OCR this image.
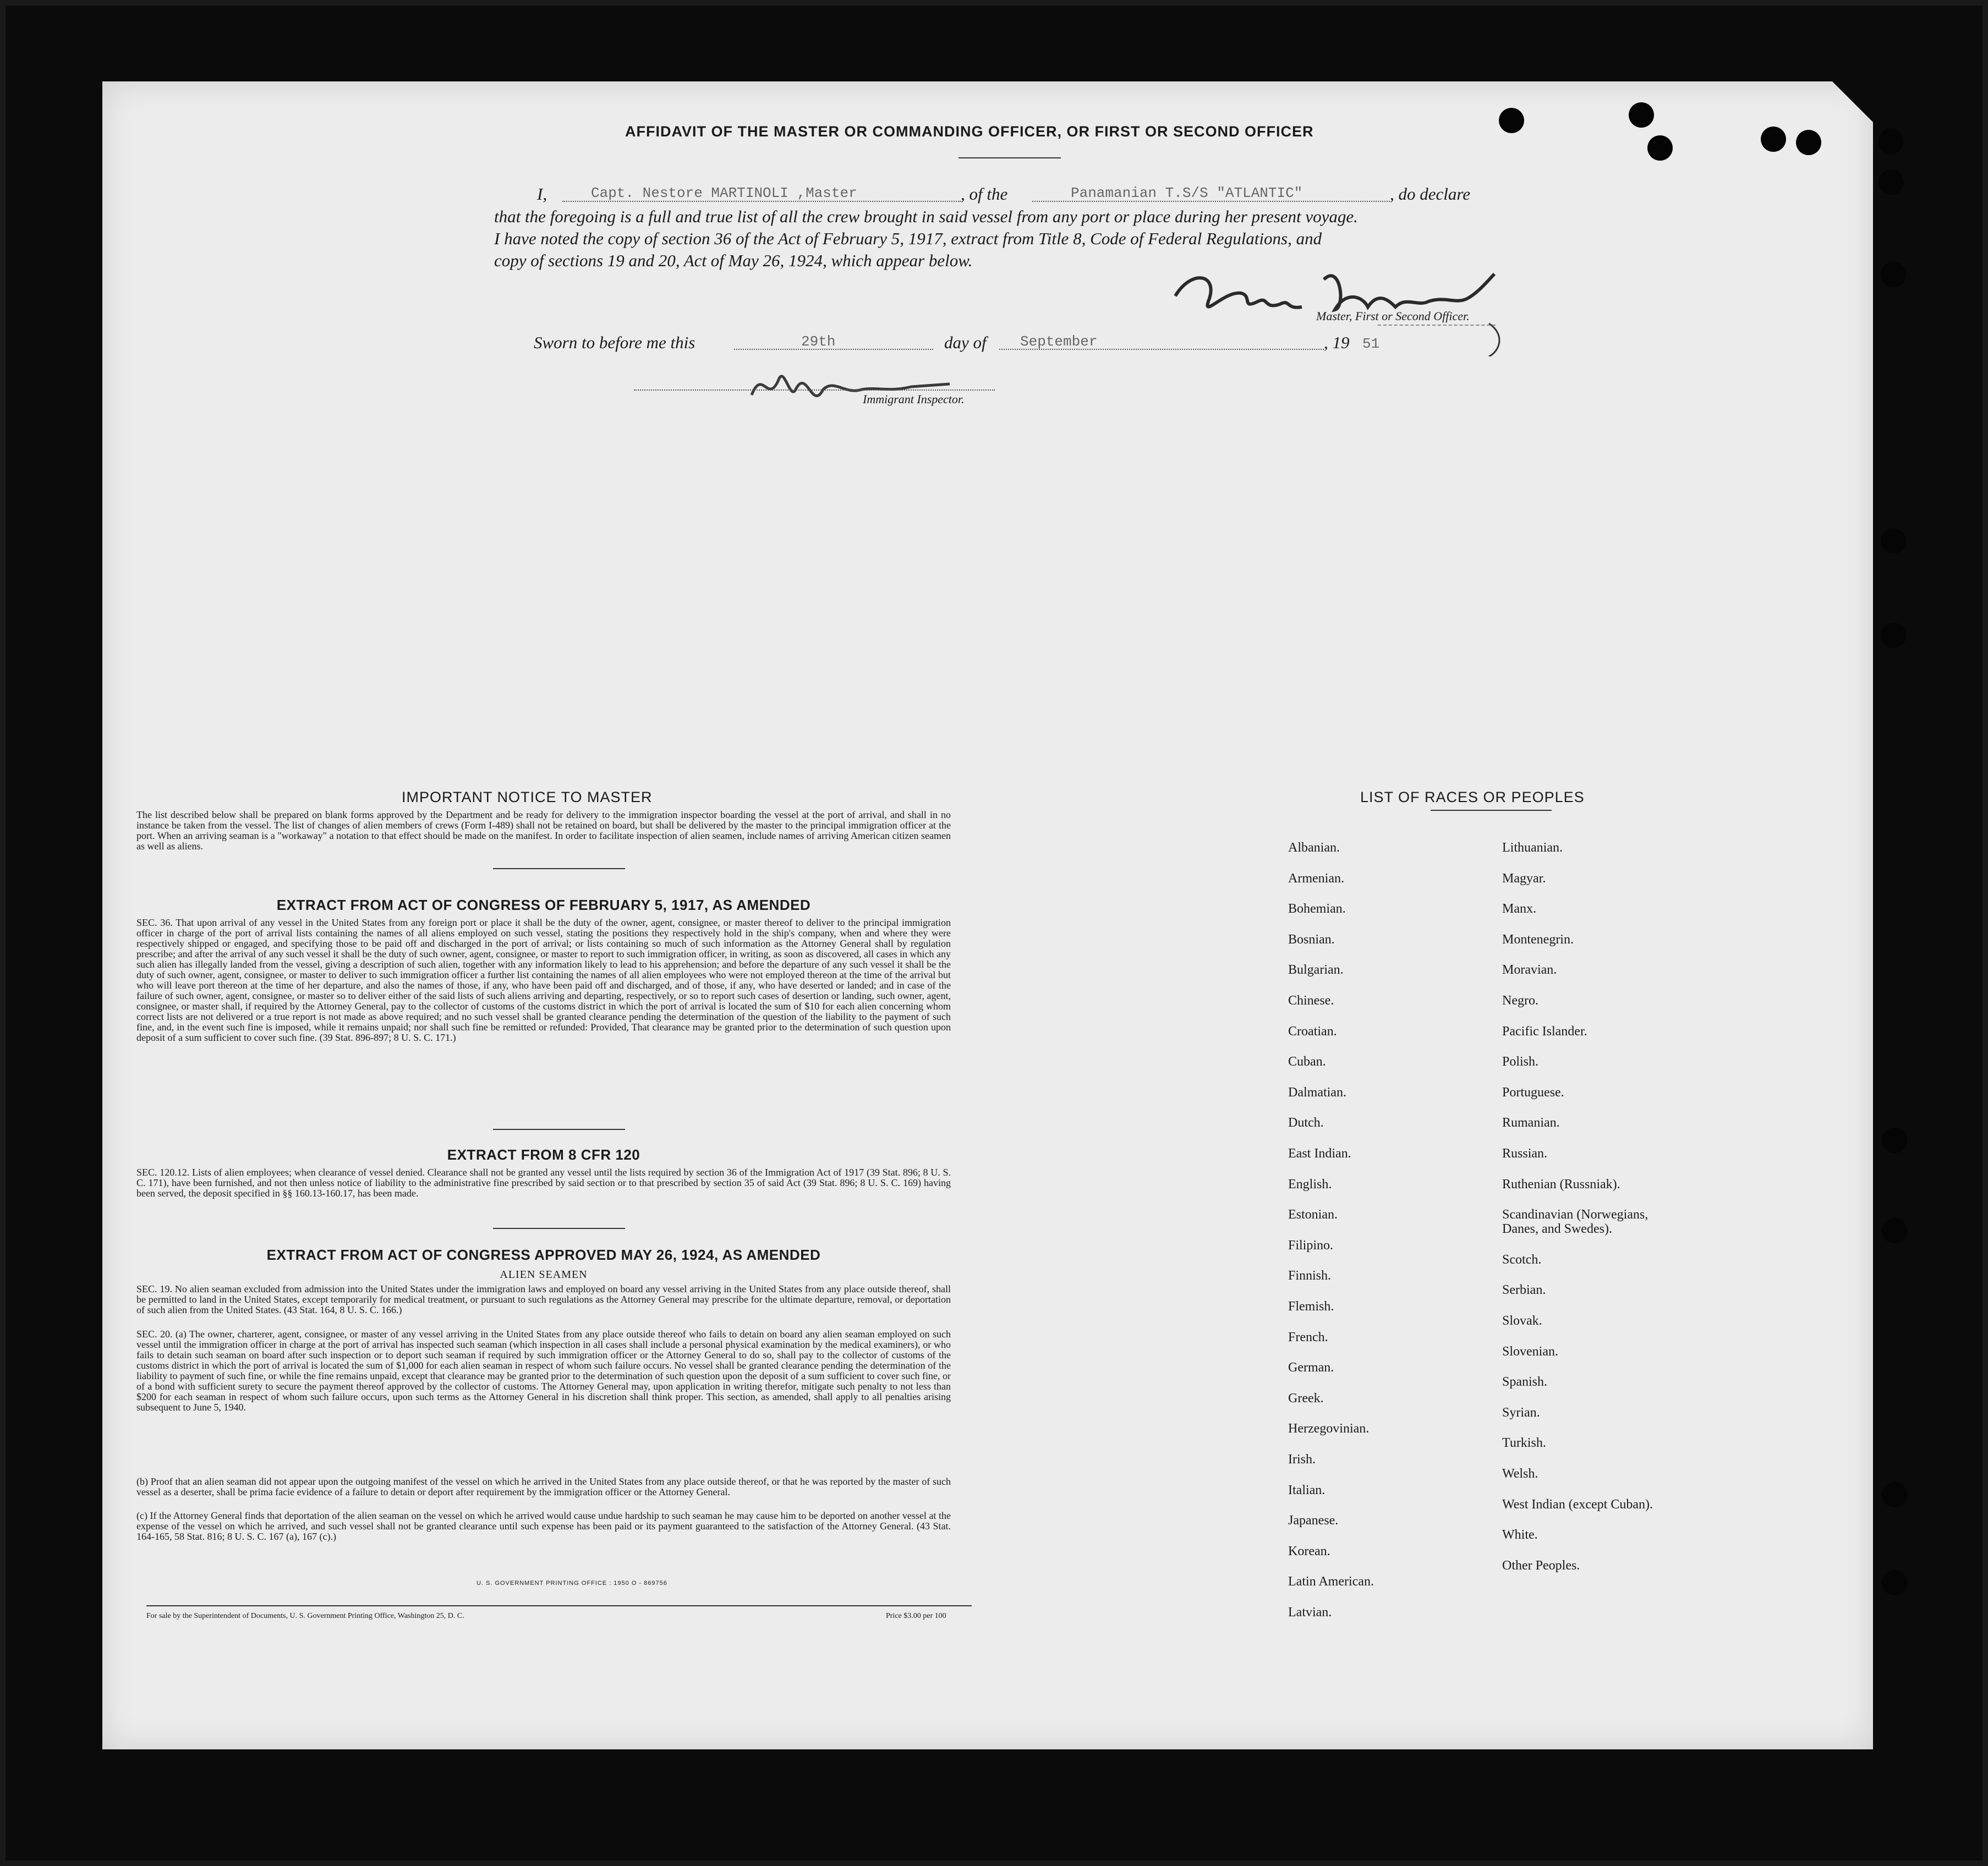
AFFIDAVIT OF THE MASTER OR COMMANDING OFFICER, OR FIRST OR SECOND OFFICER
I,	Capt. Nestore MARTINOLI ,Master	, of the	Panamanian T.S/S "ATLANTIC"	, do declare
that the foregoing is a full and true list of all the crew brought in said vessel from any port or place during her present voyage.
I have noted the copy of section 36 of the Act of February 5, 1917, extract from Title 8, Code of Federal Regulations, and
copy of sections 19 and 20, Act of May 26, 1924, which appear below.
Master, First or Second Officer.
Sworn to before me this	29th	day of September	, 19 51
Immigrant Inspector.
IMPORTANT NOTICE TO MASTER
The list described below shall be prepared on blank forms approved by the Department and be ready for delivery to the immigration inspector boarding the vessel at the port of arrival, and shall in no instance be taken from the vessel. The list of changes of alien members of crews (Form I-489) shall not be retained on board, but shall be delivered by the master to the principal immigration officer at the port. When an arriving seaman is a "workaway" a notation to that effect should be made on the manifest. In order to facilitate inspection of alien seamen, include names of arriving American citizen seamen as well as aliens.
EXTRACT FROM ACT OF CONGRESS OF FEBRUARY 5, 1917, AS AMENDED
SEC. 36. That upon arrival of any vessel in the United States from any foreign port or place it shall be the duty of the owner, agent, consignee, or master thereof to deliver to the principal immigration officer in charge of the port of arrival lists containing the names of all aliens employed on such vessel, stating the positions they respectively hold in the ship's company, when and where they were respectively shipped or engaged, and specifying those to be paid off and discharged in the port of arrival; or lists containing so much of such information as the Attorney General shall by regulation prescribe; and after the arrival of any such vessel it shall be the duty of such owner, agent, consignee, or master to report to such immigration officer, in writing, as soon as discovered, all cases in which any such alien has illegally landed from the vessel, giving a description of such alien, together with any information likely to lead to his apprehension; and before the departure of any such vessel it shall be the duty of such owner, agent, consignee, or master to deliver to such immigration officer a further list containing the names of all alien employees who were not employed thereon at the time of the arrival but who will leave port thereon at the time of her departure, and also the names of those, if any, who have been paid off and discharged, and of those, if any, who have deserted or landed; and in case of the failure of such owner, agent, consignee, or master so to deliver either of the said lists of such aliens arriving and departing, respectively, or so to report such cases of desertion or landing, such owner, agent, consignee, or master shall, if required by the Attorney General, pay to the collector of customs of the customs district in which the port of arrival is located the sum of $10 for each alien concerning whom correct lists are not delivered or a true report is not made as above required; and no such vessel shall be granted clearance pending the determination of the question of the liability to the payment of such fine, and, in the event such fine is imposed, while it remains unpaid; nor shall such fine be remitted or refunded: Provided, That clearance may be granted prior to the determination of such question upon deposit of a sum sufficient to cover such fine. (39 Stat. 896-897; 8 U. S. C. 171.)
EXTRACT FROM 8 CFR 120
SEC. 120.12. Lists of alien employees; when clearance of vessel denied. Clearance shall not be granted any vessel until the lists required by section 36 of the Immigration Act of 1917 (39 Stat. 896; 8 U. S. C. 171), have been furnished, and not then unless notice of liability to the administrative fine prescribed by said section or to that prescribed by section 35 of said Act (39 Stat. 896; 8 U. S. C. 169) having been served, the deposit specified in §§ 160.13-160.17, has been made.
EXTRACT FROM ACT OF CONGRESS APPROVED MAY 26, 1924, AS AMENDED
ALIEN SEAMEN
SEC. 19. No alien seaman excluded from admission into the United States under the immigration laws and employed on board any vessel arriving in the United States from any place outside thereof, shall be permitted to land in the United States, except temporarily for medical treatment, or pursuant to such regulations as the Attorney General may prescribe for the ultimate departure, removal, or deportation of such alien from the United States. (43 Stat. 164, 8 U. S. C. 166.)
SEC. 20. (a) The owner, charterer, agent, consignee, or master of any vessel arriving in the United States from any place outside thereof who fails to detain on board any alien seaman employed on such vessel until the immigration officer in charge at the port of arrival has inspected such seaman (which inspection in all cases shall include a personal physical examination by the medical examiners), or who fails to detain such seaman on board after such inspection or to deport such seaman if required by such immigration officer or the Attorney General to do so, shall pay to the collector of customs of the customs district in which the port of arrival is located the sum of $1,000 for each alien seaman in respect of whom such failure occurs. No vessel shall be granted clearance pending the determination of the liability to payment of such fine, or while the fine remains unpaid, except that clearance may be granted prior to the determination of such question upon the deposit of a sum sufficient to cover such fine, or of a bond with sufficient surety to secure the payment thereof approved by the collector of customs. The Attorney General may, upon application in writing therefor, mitigate such penalty to not less than $200 for each seaman in respect of whom such failure occurs, upon such terms as the Attorney General in his discretion shall think proper. This section, as amended, shall apply to all penalties arising subsequent to June 5, 1940.
(b) Proof that an alien seaman did not appear upon the outgoing manifest of the vessel on which he arrived in the United States from any place outside thereof, or that he was reported by the master of such vessel as a deserter, shall be prima facie evidence of a failure to detain or deport after requirement by the immigration officer or the Attorney General.
(c) If the Attorney General finds that deportation of the alien seaman on the vessel on which he arrived would cause undue hardship to such seaman he may cause him to be deported on another vessel at the expense of the vessel on which he arrived, and such vessel shall not be granted clearance until such expense has been paid or its payment guaranteed to the satisfaction of the Attorney General. (43 Stat. 164-165, 58 Stat. 816; 8 U. S. C. 167 (a), 167 (c).)
U. S. GOVERNMENT PRINTING OFFICE : 1950 O - 869756
For sale by the Superintendent of Documents, U. S. Government Printing Office, Washington 25, D. C.	Price $3.00 per 100
LIST OF RACES OR PEOPLES
Albanian.
Armenian.
Bohemian.
Bosnian.
Bulgarian.
Chinese.
Croatian.
Cuban.
Dalmatian.
Dutch.
East Indian.
English.
Estonian.
Filipino.
Finnish.
Flemish.
French.
German.
Greek.
Herzegovinian.
Irish.
Italian.
Japanese.
Korean.
Latin American.
Latvian.
Lithuanian.
Magyar.
Manx.
Montenegrin.
Moravian.
Negro.
Pacific Islander.
Polish.
Portuguese.
Rumanian.
Russian.
Ruthenian (Russniak).
Scandinavian (Norwegians,
Danes, and Swedes).
Scotch.
Serbian.
Slovak.
Slovenian.
Spanish.
Syrian.
Turkish.
Welsh.
West Indian (except Cuban).
White.
Other Peoples.
